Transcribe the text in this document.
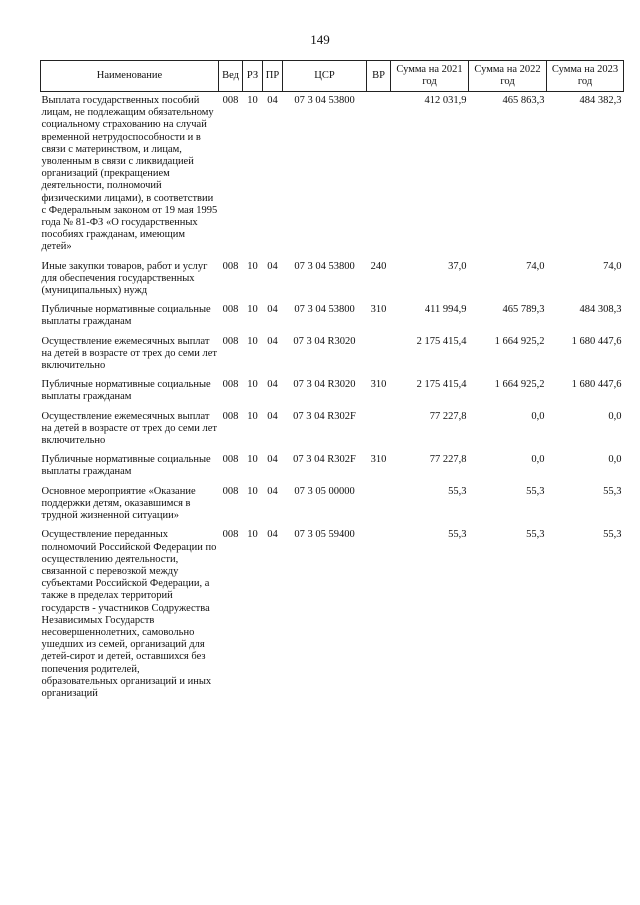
149
Наименование	Вед	РЗ	ПР	ЦСР	ВР	Сумма на 2021 год	Сумма на 2022 год	Сумма на 2023 год
Выплата государственных пособий лицам, не подлежащим обязательному социальному страхованию на случай временной нетрудоспособности и в связи с материнством, и лицам, уволенным в связи с ликвидацией организаций (прекращением деятельности, полномочий физическими лицами), в соответствии с Федеральным законом от 19 мая 1995 года № 81-ФЗ «О государственных пособиях гражданам, имеющим детей»	008	10	04	07 3 04 53800		412 031,9	465 863,3	484 382,3
Иные закупки товаров, работ и услуг для обеспечения государственных (муниципальных) нужд	008	10	04	07 3 04 53800	240	37,0	74,0	74,0
Публичные нормативные социальные выплаты гражданам	008	10	04	07 3 04 53800	310	411 994,9	465 789,3	484 308,3
Осуществление ежемесячных выплат на детей в возрасте от трех до семи лет включительно	008	10	04	07 3 04 R3020		2 175 415,4	1 664 925,2	1 680 447,6
Публичные нормативные социальные выплаты гражданам	008	10	04	07 3 04 R3020	310	2 175 415,4	1 664 925,2	1 680 447,6
Осуществление ежемесячных выплат на детей в возрасте от трех до семи лет включительно	008	10	04	07 3 04 R302F		77 227,8	0,0	0,0
Публичные нормативные социальные выплаты гражданам	008	10	04	07 3 04 R302F	310	77 227,8	0,0	0,0
Основное мероприятие «Оказание поддержки детям, оказавшимся в трудной жизненной ситуации»	008	10	04	07 3 05 00000		55,3	55,3	55,3
Осуществление переданных полномочий Российской Федерации по осуществлению деятельности, связанной с перевозкой между субъектами Российской Федерации, а также в пределах территорий государств - участников Содружества Независимых Государств несовершеннолетних, самовольно ушедших из семей, организаций для детей-сирот и детей, оставшихся без попечения родителей, образовательных организаций и иных организаций	008	10	04	07 3 05 59400		55,3	55,3	55,3
